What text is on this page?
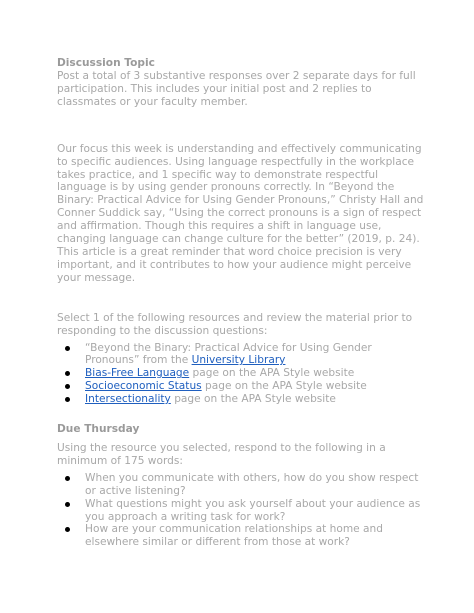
Discussion Topic

Post a total of 3 substantive responses over 2 separate days for full participation. This includes your initial post and 2 replies to classmates or your faculty member.

Our focus this week is understanding and effectively communicating to specific audiences. Using language respectfully in the workplace takes practice, and 1 specific way to demonstrate respectful language is by using gender pronouns correctly. In “Beyond the Binary: Practical Advice for Using Gender Pronouns,” Christy Hall and Conner Suddick say, “Using the correct pronouns is a sign of respect and affirmation. Though this requires a shift in language use, changing language can change culture for the better” (2019, p. 24). This article is a great reminder that word choice precision is very important, and it contributes to how your audience might perceive your message.

Select 1 of the following resources and review the material prior to responding to the discussion questions:

“Beyond the Binary: Practical Advice for Using Gender Pronouns” from the University Library
Bias-Free Language page on the APA Style website
Socioeconomic Status page on the APA Style website
Intersectionality page on the APA Style website
Due Thursday

Using the resource you selected, respond to the following in a minimum of 175 words:

When you communicate with others, how do you show respect or active listening?
What questions might you ask yourself about your audience as you approach a writing task for work?
How are your communication relationships at home and elsewhere similar or different from those at work?
